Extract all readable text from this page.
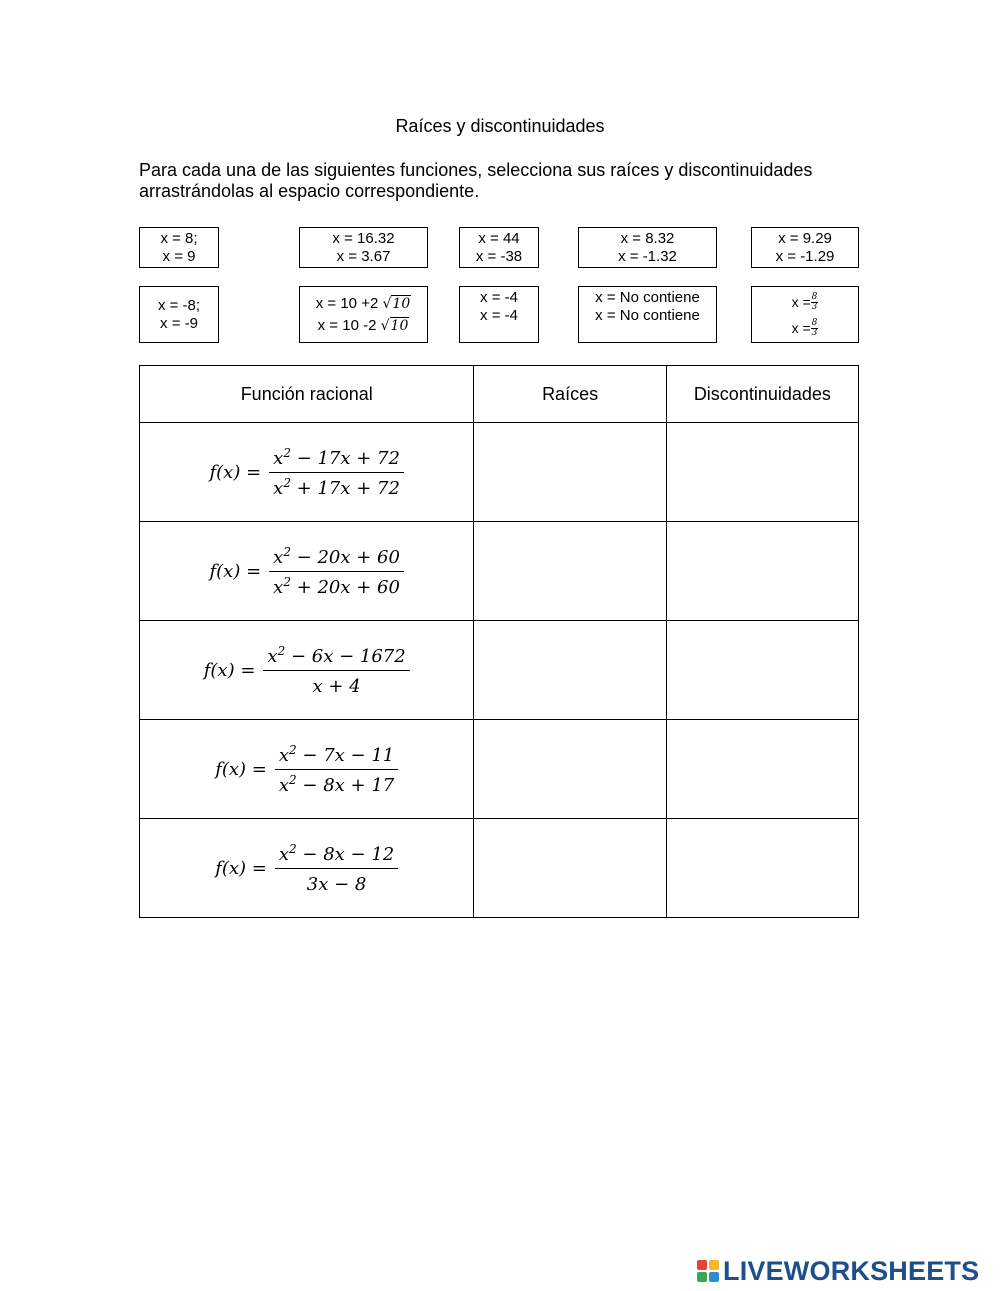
Raíces y discontinuidades
Para cada una de las siguientes funciones, selecciona sus raíces y discontinuidades arrastrándolas al espacio correspondiente.
x = 8;
x = 9
x = 16.32
x = 3.67
x = 44
x = -38
x = 8.32
x = -1.32
x = 9.29
x = -1.29
x = -8;
x = -9
x = 10 +2 √10
x = 10 -2 √10
x = -4
x = -4
x = No contiene
x = No contiene
$x = \frac{8}{3}$
$x = \frac{8}{3}$
Función racional	Raíces	Discontinuidades

$f(x) = \frac{x^2 - 17x + 72}{x^2 + 17x + 72}$

$f(x) = \frac{x^2 - 20x + 60}{x^2 + 20x + 60}$

$f(x) = \frac{x^2 - 6x - 1672}{x + 4}$

$f(x) = \frac{x^2 - 7x - 11}{x^2 - 8x + 17}$

$f(x) = \frac{x^2 - 8x - 12}{3x - 8}$

LIVEWORKSHEETS
